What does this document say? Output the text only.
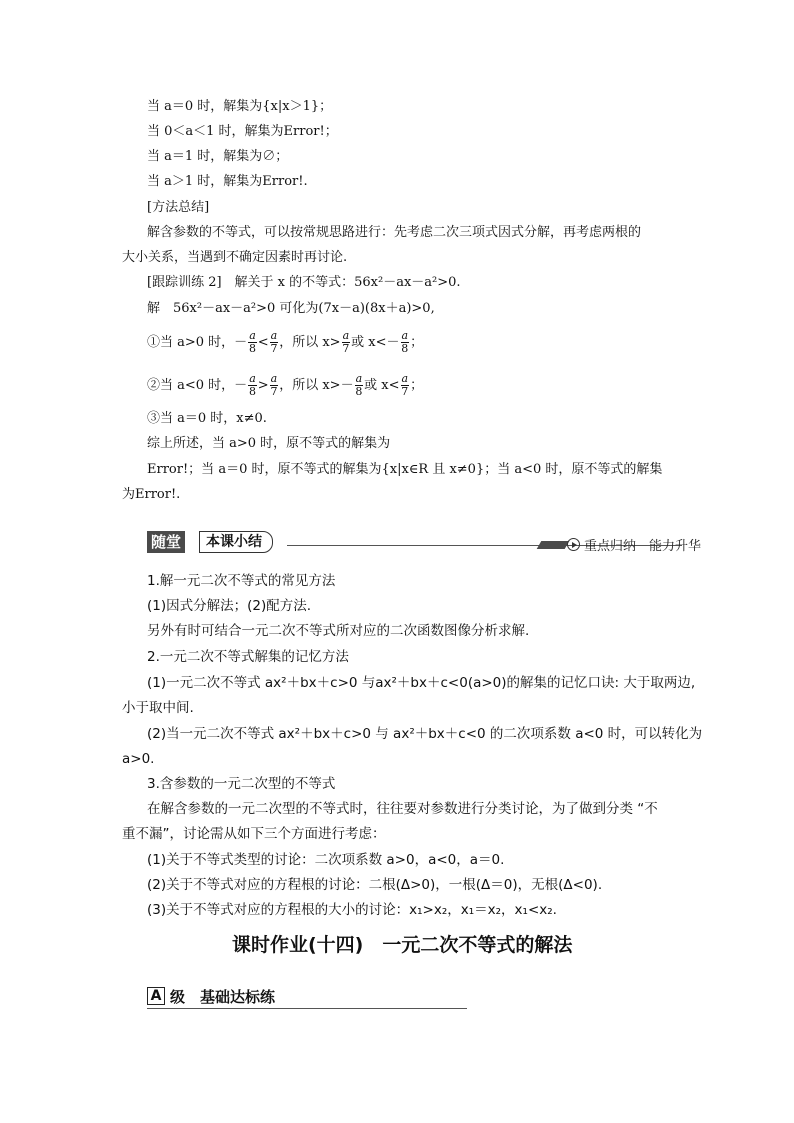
当 a＝0 时，解集为{x|x＞1}；
当 0＜a＜1 时，解集为Error!；
当 a＝1 时，解集为∅；
当 a＞1 时，解集为Error!.
[方法总结]
解含参数的不等式，可以按常规思路进行：先考虑二次三项式因式分解，再考虑两根的
大小关系，当遇到不确定因素时再讨论.
[跟踪训练 2]　解关于 x 的不等式：56x²－ax－a²>0.
解　56x²－ax－a²>0 可化为(7x－a)(8x＋a)>0,
①当 a>0 时，－ $\frac{a}{8} < \frac{a}{7}$ ，所以 $x> \frac{a}{7}$ 或 $x<- \frac{a}{8}$ ；
②当 a<0 时，－ $\frac{a}{8} > \frac{a}{7}$ ，所以 $x>- \frac{a}{8}$ 或 $x< \frac{a}{7}$ ；
③当 a＝0 时，x≠0.
综上所述，当 a>0 时，原不等式的解集为
Error!；当 a＝0 时，原不等式的解集为{x|x∈R 且 x≠0}；当 a<0 时，原不等式的解集
为Error!.
随堂	本课小结	重点归纳　能力升华
1.解一元二次不等式的常见方法
(1)因式分解法；(2)配方法.
另外有时可结合一元二次不等式所对应的二次函数图像分析求解.
2.一元二次不等式解集的记忆方法
(1)一元二次不等式 ax²＋bx＋c>0 与ax²＋bx＋c<0(a>0)的解集的记忆口诀: 大于取两边,
小于取中间.
(2)当一元二次不等式 ax²＋bx＋c>0 与 ax²＋bx＋c<0 的二次项系数 a<0 时，可以转化为
a>0.
3.含参数的一元二次型的不等式
在解含参数的一元二次型的不等式时，往往要对参数进行分类讨论，为了做到分类 “不
重不漏”，讨论需从如下三个方面进行考虑：
(1)关于不等式类型的讨论：二次项系数 a>0，a<0，a＝0.
(2)关于不等式对应的方程根的讨论：二根(Δ>0)，一根(Δ＝0)，无根(Δ<0).
(3)关于不等式对应的方程根的大小的讨论：x₁>x₂，x₁＝x₂，x₁<x₂.
课时作业(十四)　一元二次不等式的解法
A 级　基础达标练
